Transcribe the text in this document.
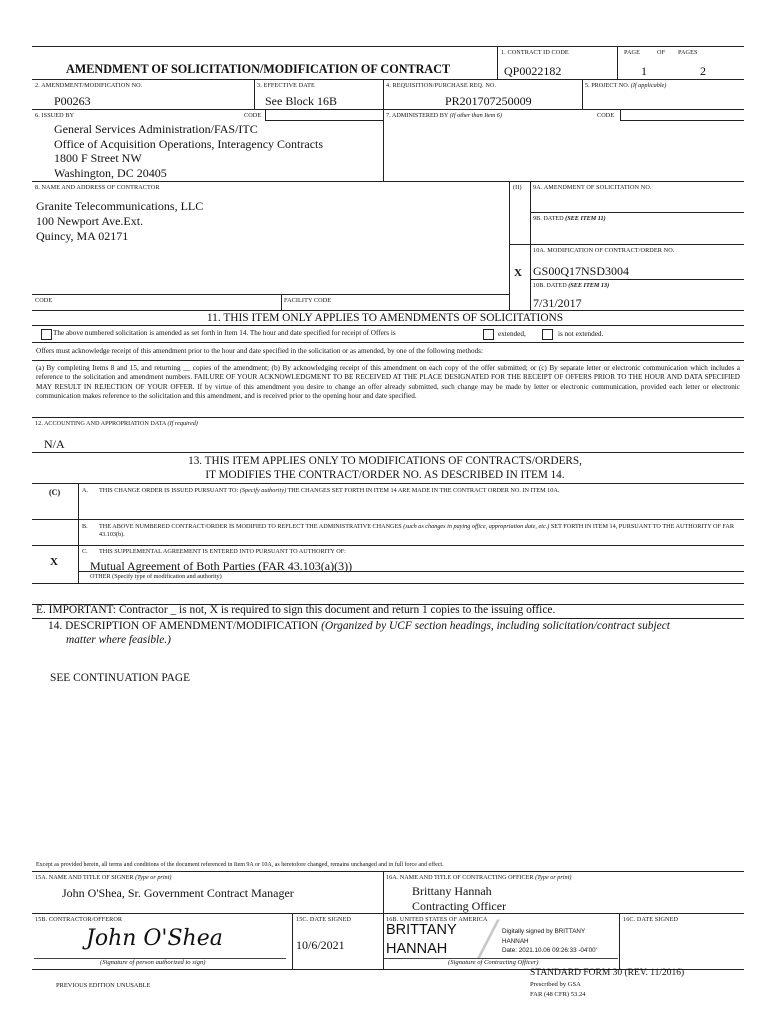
1. CONTRACT ID CODE	PAGE	OF PAGES
AMENDMENT OF SOLICITATION/MODIFICATION OF CONTRACT	QP0022182	1	2
2. AMENDMENT/MODIFICATION NO.	3. EFFECTIVE DATE	4. REQUISITION/PURCHASE REQ. NO.	5. PROJECT NO. (If applicable)
P00263	See Block 16B	PR201707250009
6. ISSUED BY	CODE	7. ADMINISTERED BY (If other than Item 6)	CODE
General Services Administration/FAS/ITC
Office of Acquisition Operations, Interagency Contracts
1800 F Street NW
Washington, DC 20405
8. NAME AND ADDRESS OF CONTRACTOR
Granite Telecommunications, LLC
100 Newport Ave.Ext.
Quincy, MA 02171
(II) 9A. AMENDMENT OF SOLICITATION NO.
9B. DATED (SEE ITEM 11)
10A. MODIFICATION OF CONTRACT/ORDER NO.
X GS00Q17NSD3004
10B. DATED (SEE ITEM 13)
7/31/2017
CODE	FACILITY CODE
11. THIS ITEM ONLY APPLIES TO AMENDMENTS OF SOLICITATIONS
The above numbered solicitation is amended as set forth in Item 14. The hour and date specified for receipt of Offers is	extended,	is not extended.
Offers must acknowledge receipt of this amendment prior to the hour and date specified in the solicitation or as amended, by one of the following methods:
(a) By completing Items 8 and 15, and returning __ copies of the amendment; (b) By acknowledging receipt of this amendment on each copy of the offer submitted; or (c) By separate letter or electronic communication which includes a reference to the solicitation and amendment numbers. FAILURE OF YOUR ACKNOWLEDGMENT TO BE RECEIVED AT THE PLACE DESIGNATED FOR THE RECEIPT OF OFFERS PRIOR TO THE HOUR AND DATA SPECIFIED MAY RESULT IN REJECTION OF YOUR OFFER. If by virtue of this amendment you desire to change an offer already submitted, such change may be made by letter or electronic communication, provided each letter or electronic communication makes reference to the solicitation and this amendment, and is received prior to the opening hour and date specified.
12. ACCOUNTING AND APPROPRIATION DATA (If required)
N/A
13. THIS ITEM APPLIES ONLY TO MODIFICATIONS OF CONTRACTS/ORDERS,
IT MODIFIES THE CONTRACT/ORDER NO. AS DESCRIBED IN ITEM 14.
(C)	A. THIS CHANGE ORDER IS ISSUED PURSUANT TO: (Specify authority) THE CHANGES SET FORTH IN ITEM 14 ARE MADE IN THE CONTRACT ORDER NO. IN ITEM 10A.
B. THE ABOVE NUMBERED CONTRACT/ORDER IS MODIFIED TO REFLECT THE ADMINISTRATIVE CHANGES (such as changes in paying office, appropriation date, etc.) SET FORTH IN ITEM 14, PURSUANT TO THE AUTHORITY OF FAR 43.103(b).
C. THIS SUPPLEMENTAL AGREEMENT IS ENTERED INTO PURSUANT TO AUTHORITY OF:
X	Mutual Agreement of Both Parties (FAR 43.103(a)(3))
OTHER (Specify type of modification and authority)
E. IMPORTANT: Contractor _ is not, X is required to sign this document and return 1 copies to the issuing office.
14. DESCRIPTION OF AMENDMENT/MODIFICATION (Organized by UCF section headings, including solicitation/contract subject
matter where feasible.)
SEE CONTINUATION PAGE
Except as provided herein, all terms and conditions of the document referenced in Item 9A or 10A, as heretofore changed, remains unchanged and in full force and effect.
15A. NAME AND TITLE OF SIGNER (Type or print)
John O'Shea, Sr. Government Contract Manager
16A. NAME AND TITLE OF CONTRACTING OFFICER (Type or print)
Brittany Hannah
Contracting Officer
15B. CONTRACTOR/OFFEROR
John O'Shea
(Signature of person authorized to sign)
15C. DATE SIGNED
10/6/2021
16B. UNITED STATES OF AMERICA
BRITTANY
HANNAH ╱ Digitally signed by BRITTANY
HANNAH
Date: 2021.10.06 09:26:33 -04'00'
(Signature of Contracting Officer)
16C. DATE SIGNED
PREVIOUS EDITION UNUSABLE
STANDARD FORM 30 (REV. 11/2016)
Prescribed by GSA
FAR (48 CFR) 53.24
